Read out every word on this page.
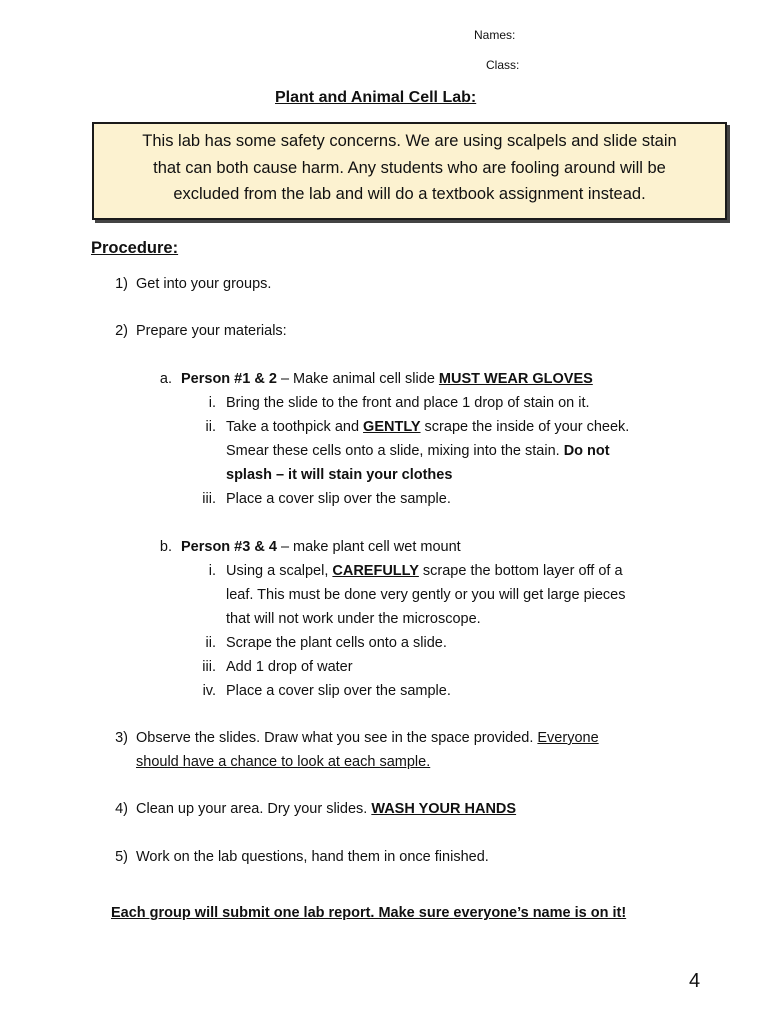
Names:
Class:
Plant and Animal Cell Lab:
This lab has some safety concerns. We are using scalpels and slide stain
that can both cause harm. Any students who are fooling around will be
excluded from the lab and will do a textbook assignment instead.
Procedure:
1) Get into your groups.
2) Prepare your materials:
a. Person #1 & 2 – Make animal cell slide MUST WEAR GLOVES
i. Bring the slide to the front and place 1 drop of stain on it.
ii. Take a toothpick and GENTLY scrape the inside of your cheek.
Smear these cells onto a slide, mixing into the stain. Do not
splash – it will stain your clothes
iii. Place a cover slip over the sample.
b. Person #3 & 4 – make plant cell wet mount
i. Using a scalpel, CAREFULLY scrape the bottom layer off of a
leaf. This must be done very gently or you will get large pieces
that will not work under the microscope.
ii. Scrape the plant cells onto a slide.
iii. Add 1 drop of water
iv. Place a cover slip over the sample.
3) Observe the slides. Draw what you see in the space provided. Everyone
should have a chance to look at each sample.
4) Clean up your area. Dry your slides. WASH YOUR HANDS
5) Work on the lab questions, hand them in once finished.
Each group will submit one lab report. Make sure everyone’s name is on it!
4
